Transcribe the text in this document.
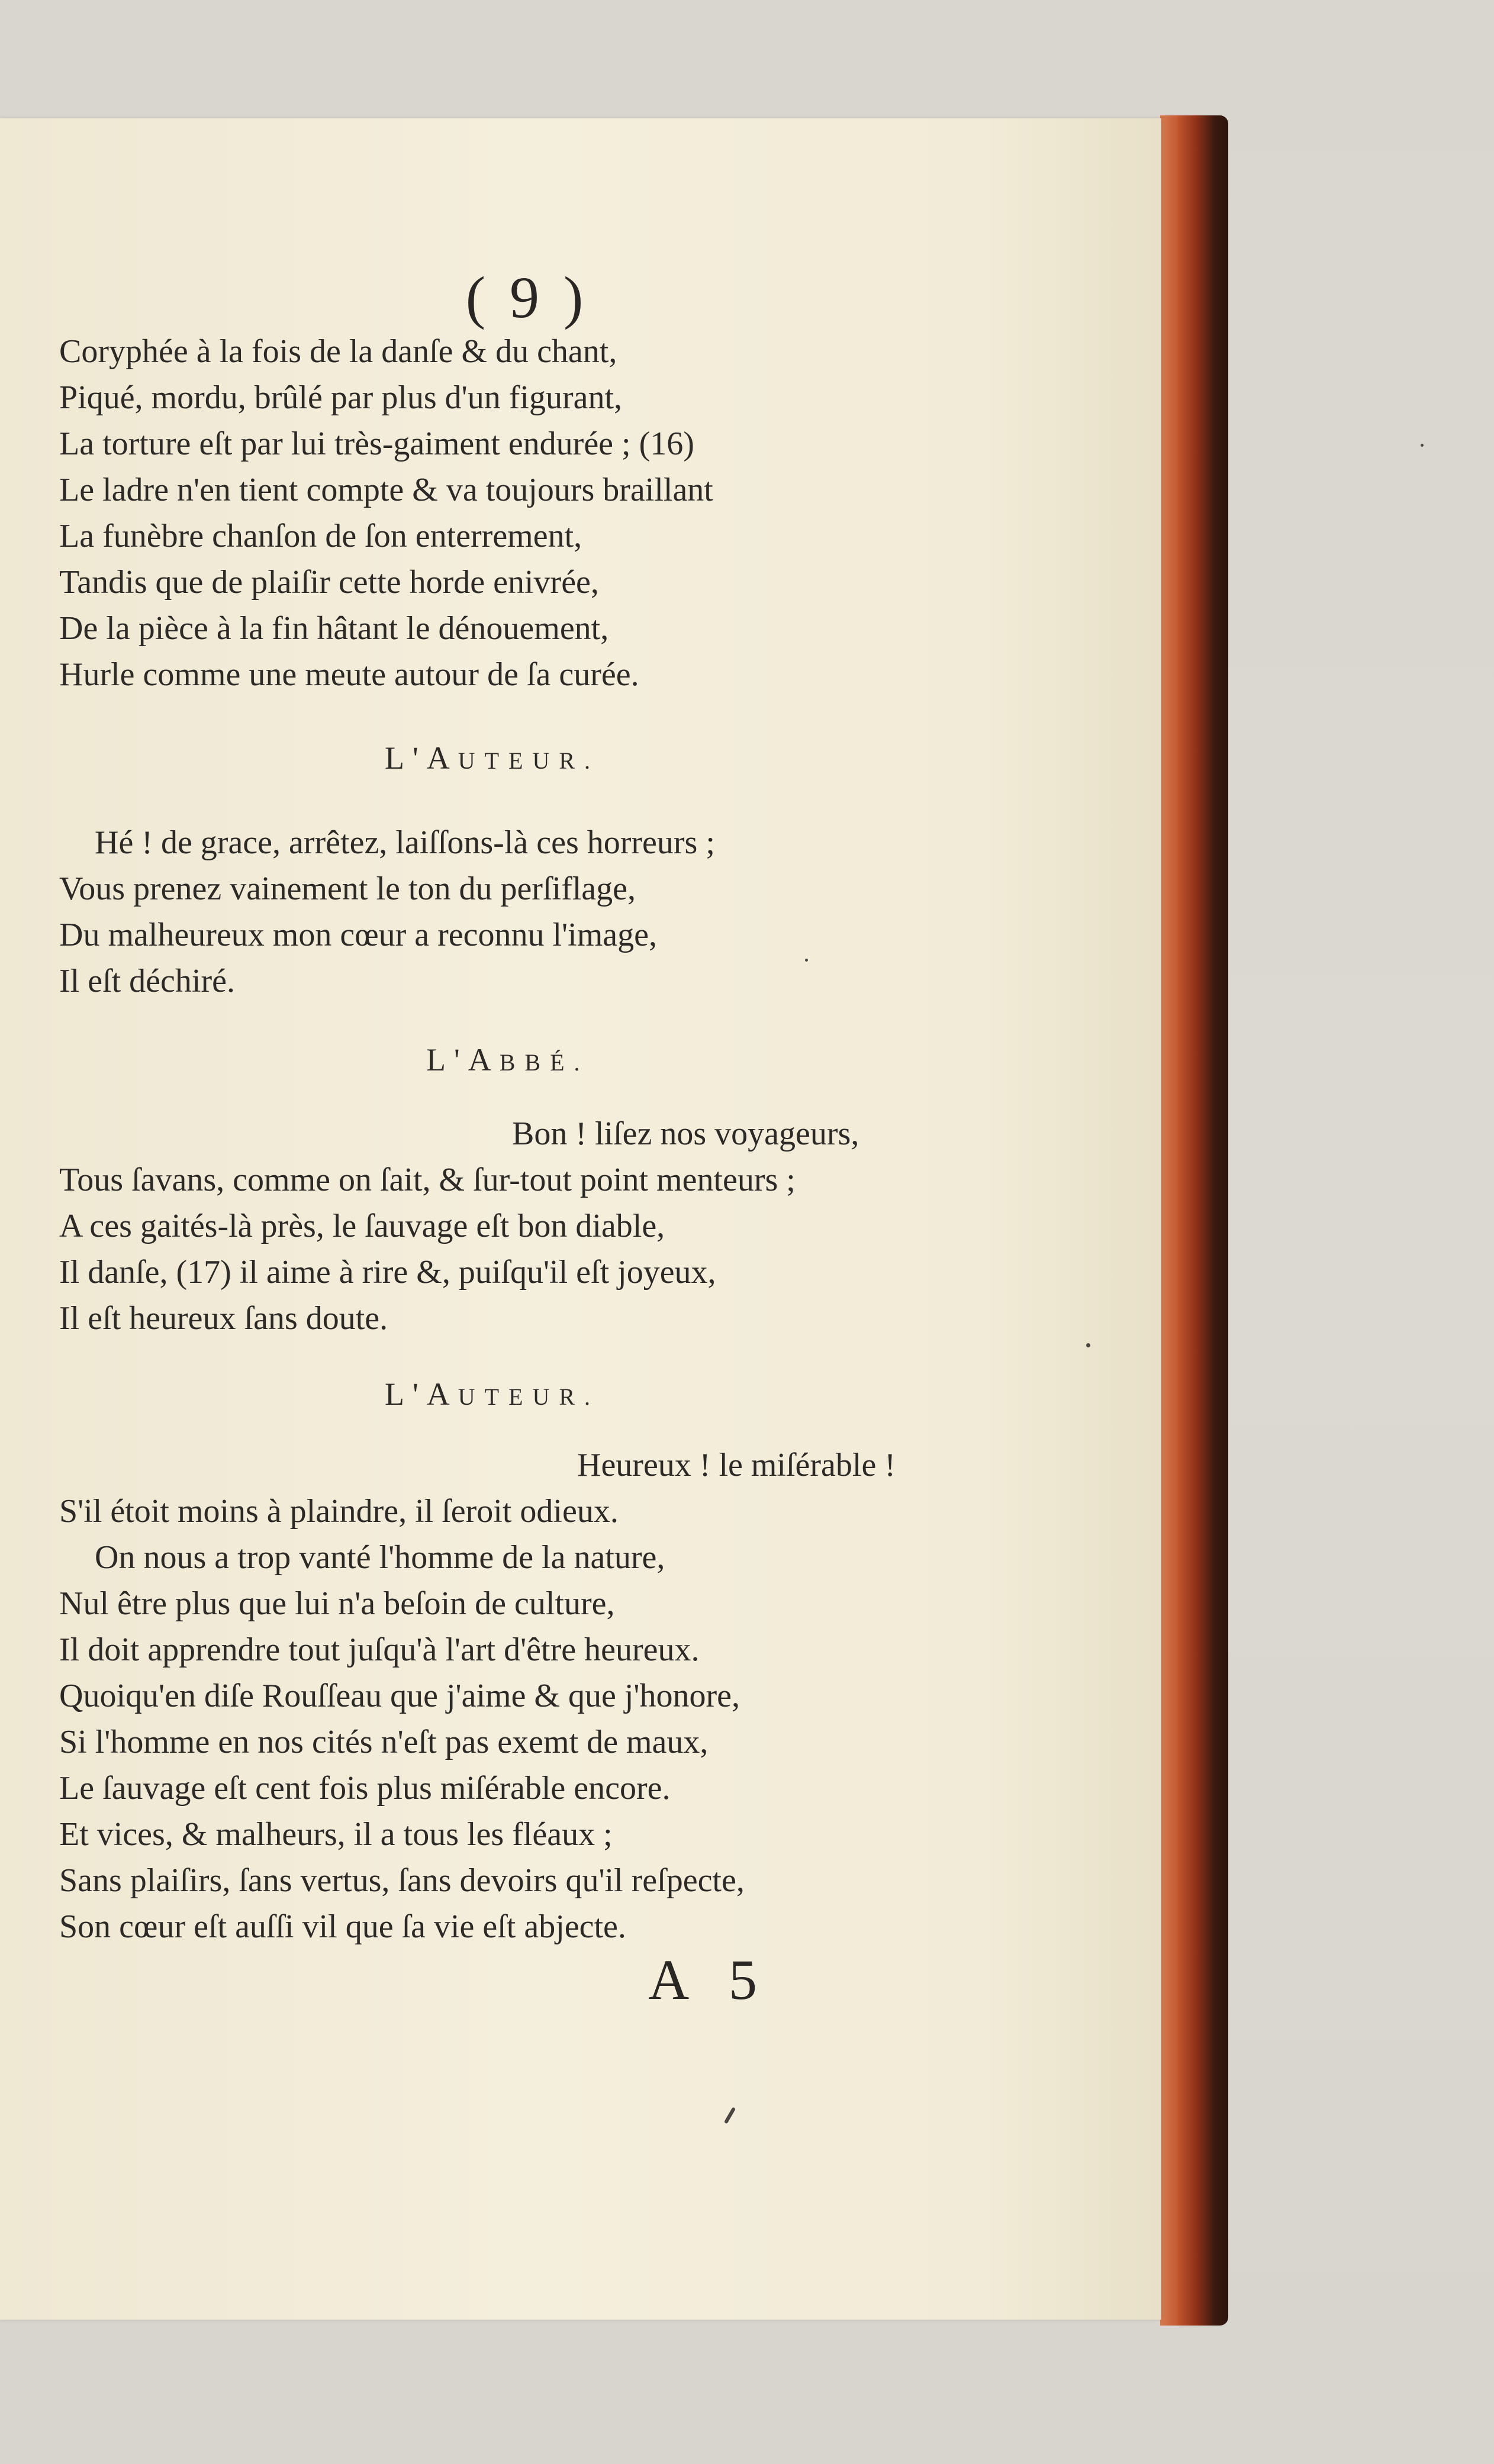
( 9 )
Coryphée à la fois de la danſe & du chant,
Piqué, mordu, brûlé par plus d'un figurant,
La torture eſt par lui très-gaiment endurée ; (16)
Le ladre n'en tient compte & va toujours braillant
La funèbre chanſon de ſon enterrement,
Tandis que de plaiſir cette horde enivrée,
De la pièce à la fin hâtant le dénouement,
Hurle comme une meute autour de ſa curée.
L'AUTEUR.
Hé ! de grace, arrêtez, laiſſons-là ces horreurs ;
Vous prenez vainement le ton du perſiflage,
Du malheureux mon cœur a reconnu l'image,
Il eſt déchiré.
L'ABBÉ.
Bon ! liſez nos voyageurs,
Tous ſavans, comme on ſait, & ſur-tout point menteurs ;
A ces gaités-là près, le ſauvage eſt bon diable,
Il danſe, (17) il aime à rire &, puiſqu'il eſt joyeux,
Il eſt heureux ſans doute.
L'AUTEUR.
Heureux ! le miſérable !
S'il étoit moins à plaindre, il ſeroit odieux.
On nous a trop vanté l'homme de la nature,
Nul être plus que lui n'a beſoin de culture,
Il doit apprendre tout juſqu'à l'art d'être heureux.
Quoiqu'en diſe Rouſſeau que j'aime & que j'honore,
Si l'homme en nos cités n'eſt pas exemt de maux,
Le ſauvage eſt cent fois plus miſérable encore.
Et vices, & malheurs, il a tous les fléaux ;
Sans plaiſirs, ſans vertus, ſans devoirs qu'il reſpecte,
Son cœur eſt auſſi vil que ſa vie eſt abjecte.
A 5
